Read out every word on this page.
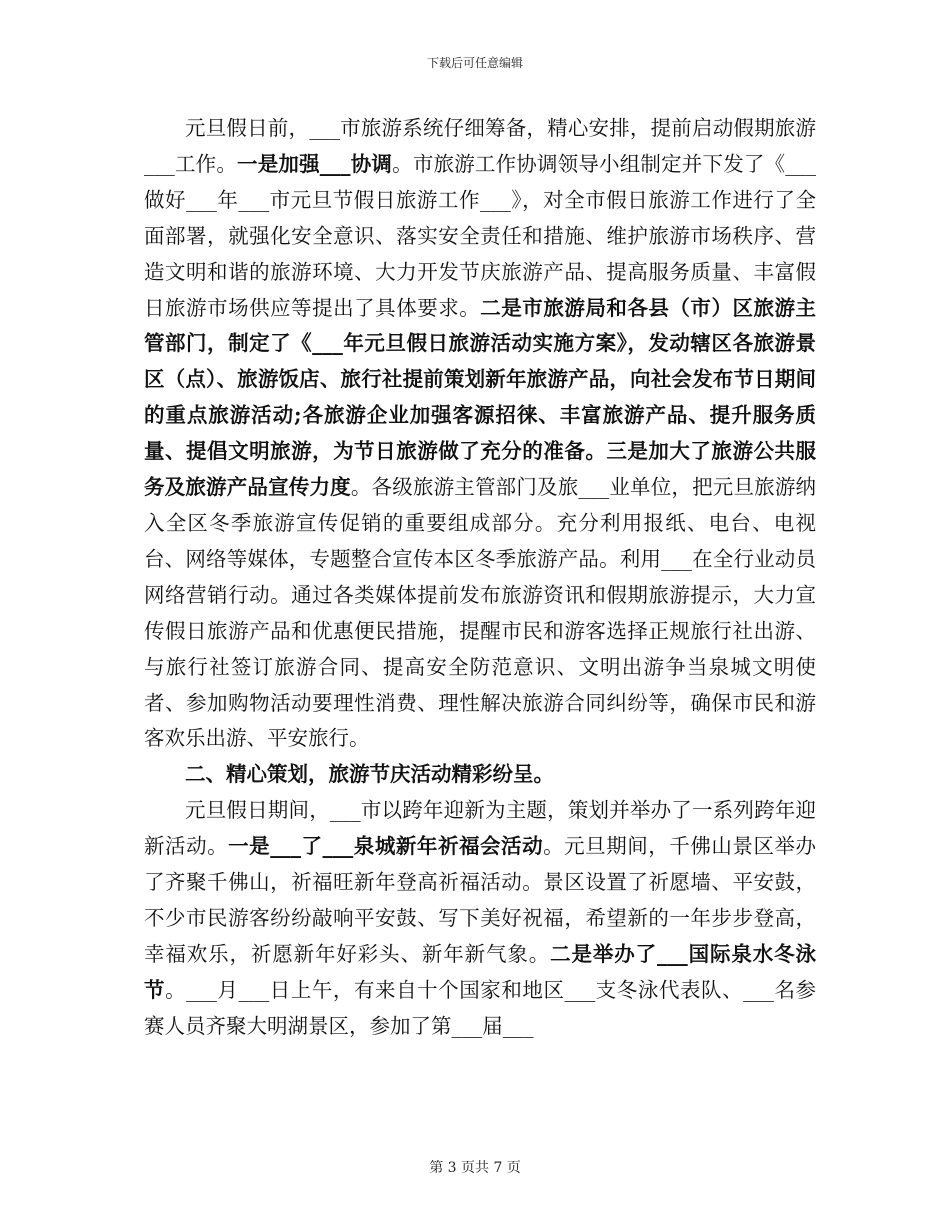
下载后可任意编辑

元旦假日前，___市旅游系统仔细筹备，精心安排，提前启动假期旅游___工作。一是加强___协调。市旅游工作协调领导小组制定并下发了《___做好___年___市元旦节假日旅游工作___》，对全市假日旅游工作进行了全面部署，就强化安全意识、落实安全责任和措施、维护旅游市场秩序、营造文明和谐的旅游环境、大力开发节庆旅游产品、提高服务质量、丰富假日旅游市场供应等提出了具体要求。二是市旅游局和各县（市）区旅游主管部门，制定了《___年元旦假日旅游活动实施方案》，发动辖区各旅游景区（点）、旅游饭店、旅行社提前策划新年旅游产品，向社会发布节日期间的重点旅游活动;各旅游企业加强客源招徕、丰富旅游产品、提升服务质量、提倡文明旅游，为节日旅游做了充分的准备。三是加大了旅游公共服务及旅游产品宣传力度。各级旅游主管部门及旅___业单位，把元旦旅游纳入全区冬季旅游宣传促销的重要组成部分。充分利用报纸、电台、电视台、网络等媒体，专题整合宣传本区冬季旅游产品。利用___在全行业动员网络营销行动。通过各类媒体提前发布旅游资讯和假期旅游提示，大力宣传假日旅游产品和优惠便民措施，提醒市民和游客选择正规旅行社出游、与旅行社签订旅游合同、提高安全防范意识、文明出游争当泉城文明使者、参加购物活动要理性消费、理性解决旅游合同纠纷等，确保市民和游客欢乐出游、平安旅行。

二、精心策划，旅游节庆活动精彩纷呈。

元旦假日期间，___市以跨年迎新为主题，策划并举办了一系列跨年迎新活动。一是___了___泉城新年祈福会活动。元旦期间，千佛山景区举办了齐聚千佛山，祈福旺新年登高祈福活动。景区设置了祈愿墙、平安鼓，不少市民游客纷纷敲响平安鼓、写下美好祝福，希望新的一年步步登高，幸福欢乐，祈愿新年好彩头、新年新气象。二是举办了___国际泉水冬泳节。___月___日上午，有来自十个国家和地区___支冬泳代表队、___名参赛人员齐聚大明湖景区，参加了第___届___

第 3 页共 7 页
